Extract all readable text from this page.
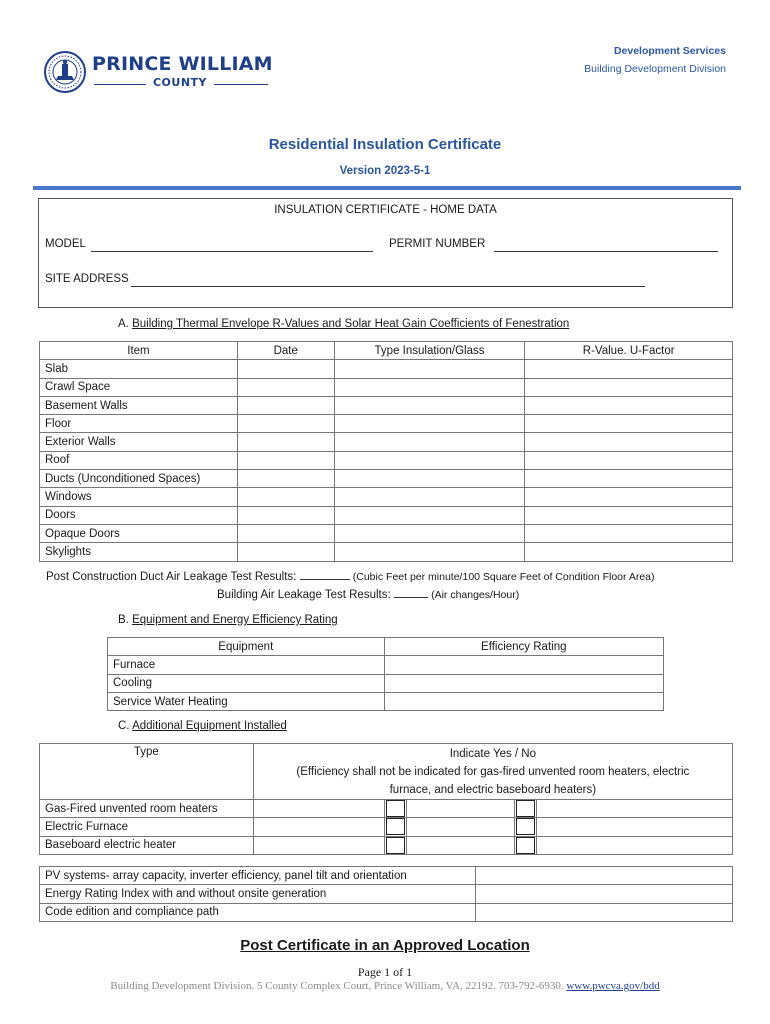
PRINCE WILLIAM
COUNTY
Development Services
Building Development Division
Residential Insulation Certificate
Version 2023-5-1
INSULATION CERTIFICATE - HOME DATA
MODEL	PERMIT NUMBER
SITE ADDRESS
A. Building Thermal Envelope R-Values and Solar Heat Gain Coefficients of Fenestration
Item	Date	Type Insulation/Glass	R-Value. U-Factor
Slab			
Crawl Space			
Basement Walls			
Floor			
Exterior Walls			
Roof			
Ducts (Unconditioned Spaces)			
Windows			
Doors			
Opaque Doors			
Skylights			
Post Construction Duct Air Leakage Test Results:	(Cubic Feet per minute/100 Square Feet of Condition Floor Area)
Building Air Leakage Test Results:	(Air changes/Hour)
B. Equipment and Energy Efficiency Rating
Equipment	Efficiency Rating
Furnace	
Cooling	
Service Water Heating	
C. Additional Equipment Installed
Type	Indicate Yes / No
(Efficiency shall not be indicated for gas-fired unvented room heaters, electric
furnace, and electric baseboard heaters)				

Gas-Fired unvented room heaters					
Electric Furnace					
Baseboard electric heater					
PV systems- array capacity, inverter efficiency, panel tilt and orientation	
Energy Rating Index with and without onsite generation	
Code edition and compliance path	
Post Certificate in an Approved Location
Page 1 of 1
Building Development Division. 5 County Complex Court, Prince William, VA, 22192. 703-792-6930. www.pwcva.gov/bdd
